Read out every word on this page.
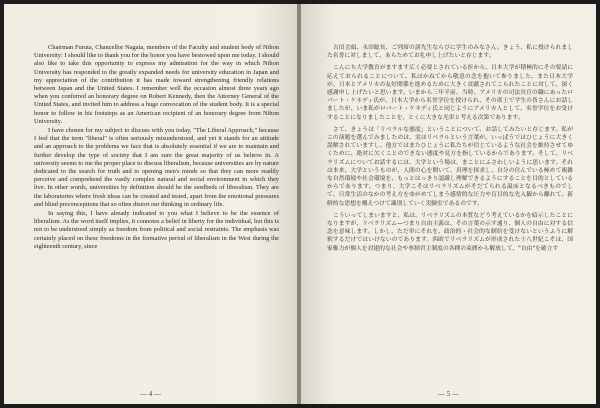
Chairman Furuta, Chancellor Nagata, members of the Faculty and student body of Nihon University: I should like to thank you for the honor you have bestowed upon me today. I should also like to take this opportunity to express my admiration for the way in which Nihon University has responded to the greatly expanded needs for university education in Japan and my appreciation of the contribution it has made toward strengthening friendly relations between Japan and the United States. I remember well the occasion almost three years ago when you conferred an honorary degree on Robert Kennedy, then the Attorney General of the United States, and invited him to address a huge convocation of the student body. It is a special honor to follow in his footsteps as an American recipient of an honorary degree from Nihon University.

I have chosen for my subject to discuss with you today, "The Liberal Approach," because I feel that the term "liberal" is often seriously misunderstood, and yet it stands for an attitude and an approach to the problems we face that is absolutely essential if we are to maintain and further develop the type of society that I am sure the great majority of us believe in. A university seems to me the proper place to discuss liberalism, because universities are by nature dedicated to the search for truth and to opening men's minds so that they can more readily perceive and comprehend the vastly complex natural and social environment in which they live. In other words, universities by definition should be the seedbeds of liberalism. They are the laboratories where fresh ideas can be created and tested, apart from the emotional pressures and blind preconceptions that so often distort our thinking in ordinary life.

In saying this, I have already indicated to you what I believe to be the essence of liberalism. As the word itself implies, it connotes a belief in liberty for the individual, but this is not to be understood simply as freedom from political and social restraints. The emphasis was certainly placed on these freedoms in the formative period of liberalism in the West during the eighteenth century, since

— 4 —

古田会頭、永田総長、ご列席の諸先生ならびに学生のみなさん。きょう、私に授けられました名誉に対しまして、あらためてお礼申し上げたいと存じます。

こんにち大学教育がますます広く必要とされている折から、日本大学が積極的にその要請に応えておられることについて、私はかねてから敬意の念を抱いて参りました。また日本大学が、日本とアメリカの友好関係を進めるために大きく貢献されてこられたことに対して、深く感謝申し上げたいと思います。いまから三年半前、当時、アメリカの司法長官の職にあったロバート・ケネディ氏が、日本大学から名誉学位を授けられ、その席上で学生の皆さんにお話しましたが、いま私がロバート・ケネディ氏と同じようにアメリカ人として、名誉学位をお受けすることになりましたことを、とくに大きな光栄と考える次第であります。

さて、きょうは「リベラルな態度」ということについて、お話してみたいと存じます。私がこの演題を選んでみましたのは、実はリベラルという言葉が、いっぱうではひじょうに大きく誤解されていますし、他方ではまたひじょうに私たちが信じているような社会を維持させてゆくために、絶対に欠くことのできない態度や見方を指しているからであります。そして、リベラリズムについてお話するには、大学という場は、まことにふさわしいように思います。それは本来、大学というものが、人間の心を開いて、真理を探求し、自分の住んでいる極めて複雑な自然環境や社会環境を、もっとはっきり認識し理解できるようにすることを目的としているからであります。つまり、大学こそはリベラリズムがそだてられる温床となるべきものでして、日常生活のなかの考え方をゆがめてしまう感情的な圧力や盲目的な先入観から離れて、新鮮的な思想を構えつけて識別していく実験室であるのです。

こういってしまいますと、私は、リベラリズムの本質などう考えているかを暗示したことになりますが、リベラリズム—つまり自由主義は、その言葉の示す通り、個人の自由に対する信念を意味します。しかし、ただ単にそれを、政治的・社会的な制約を受けないというふうに解釈するだけではいけないのであります。西欧でリベラリズムが形成された十八世紀こそは、国家権力が個人を封建的な社会や専制君主制度の各種の束縛から解放して、"自由"を確立す

— 5 —
